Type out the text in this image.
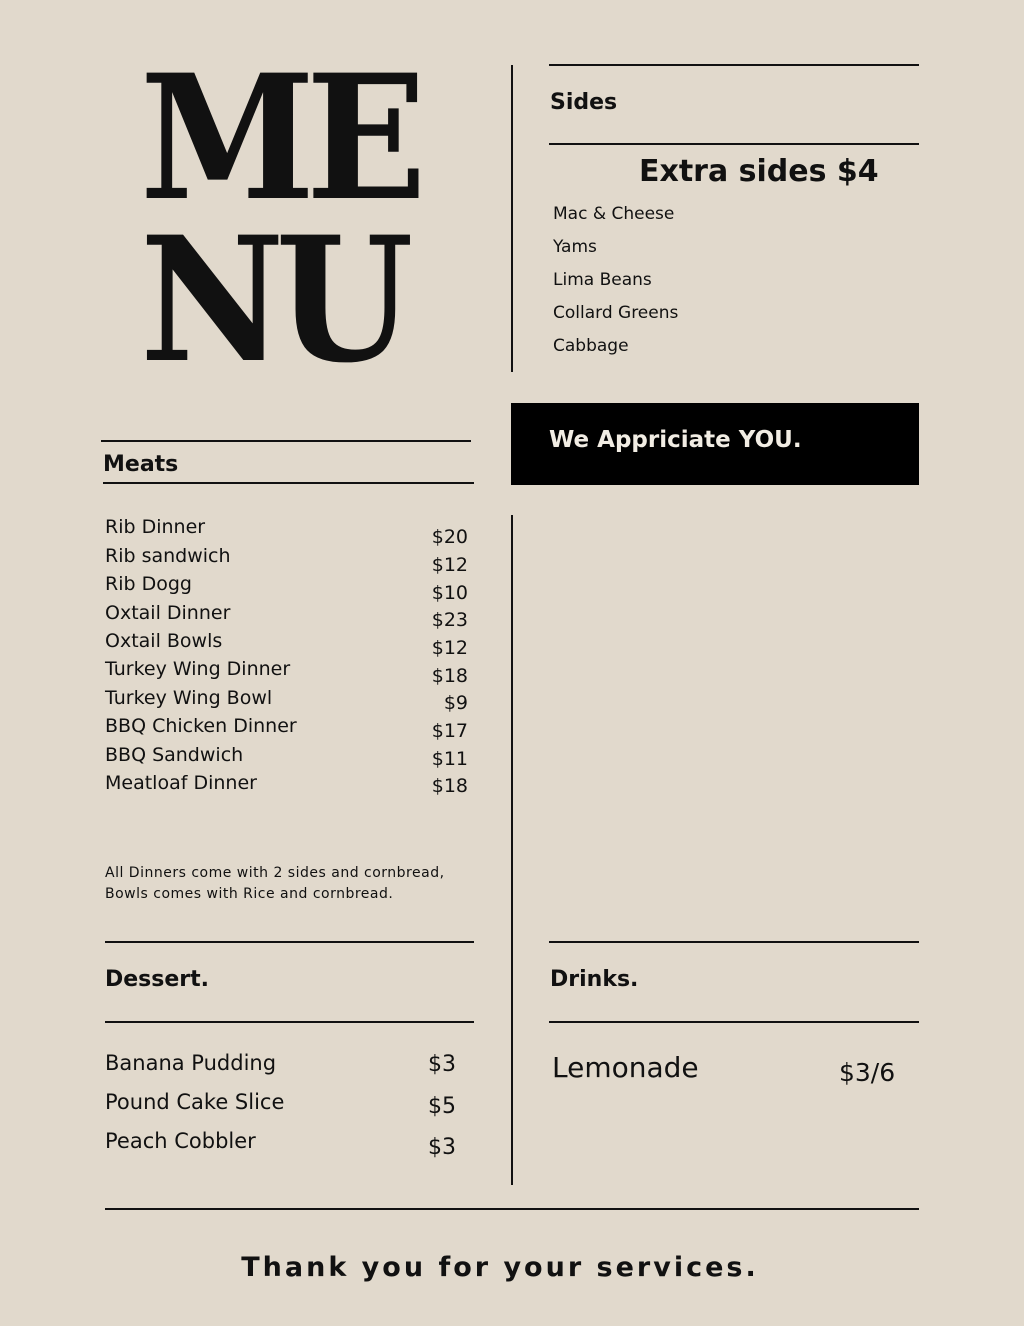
ME
NU
Sides
Extra sides $4
Mac & Cheese
Yams
Lima Beans
Collard Greens
Cabbage
We Appriciate YOU.
Meats
Rib Dinner
Rib sandwich
Rib Dogg
Oxtail Dinner
Oxtail Bowls
Turkey Wing Dinner
Turkey Wing Bowl
BBQ Chicken Dinner
BBQ Sandwich
Meatloaf Dinner
$20
$12
$10
$23
$12
$18
$9
$17
$11
$18
All Dinners come with 2 sides and cornbread, Bowls comes with Rice and cornbread.
Dessert.
Banana Pudding
Pound Cake Slice
Peach Cobbler
$3
$5
$3
Drinks.
Lemonade	$3/6
Thank you for your services.
